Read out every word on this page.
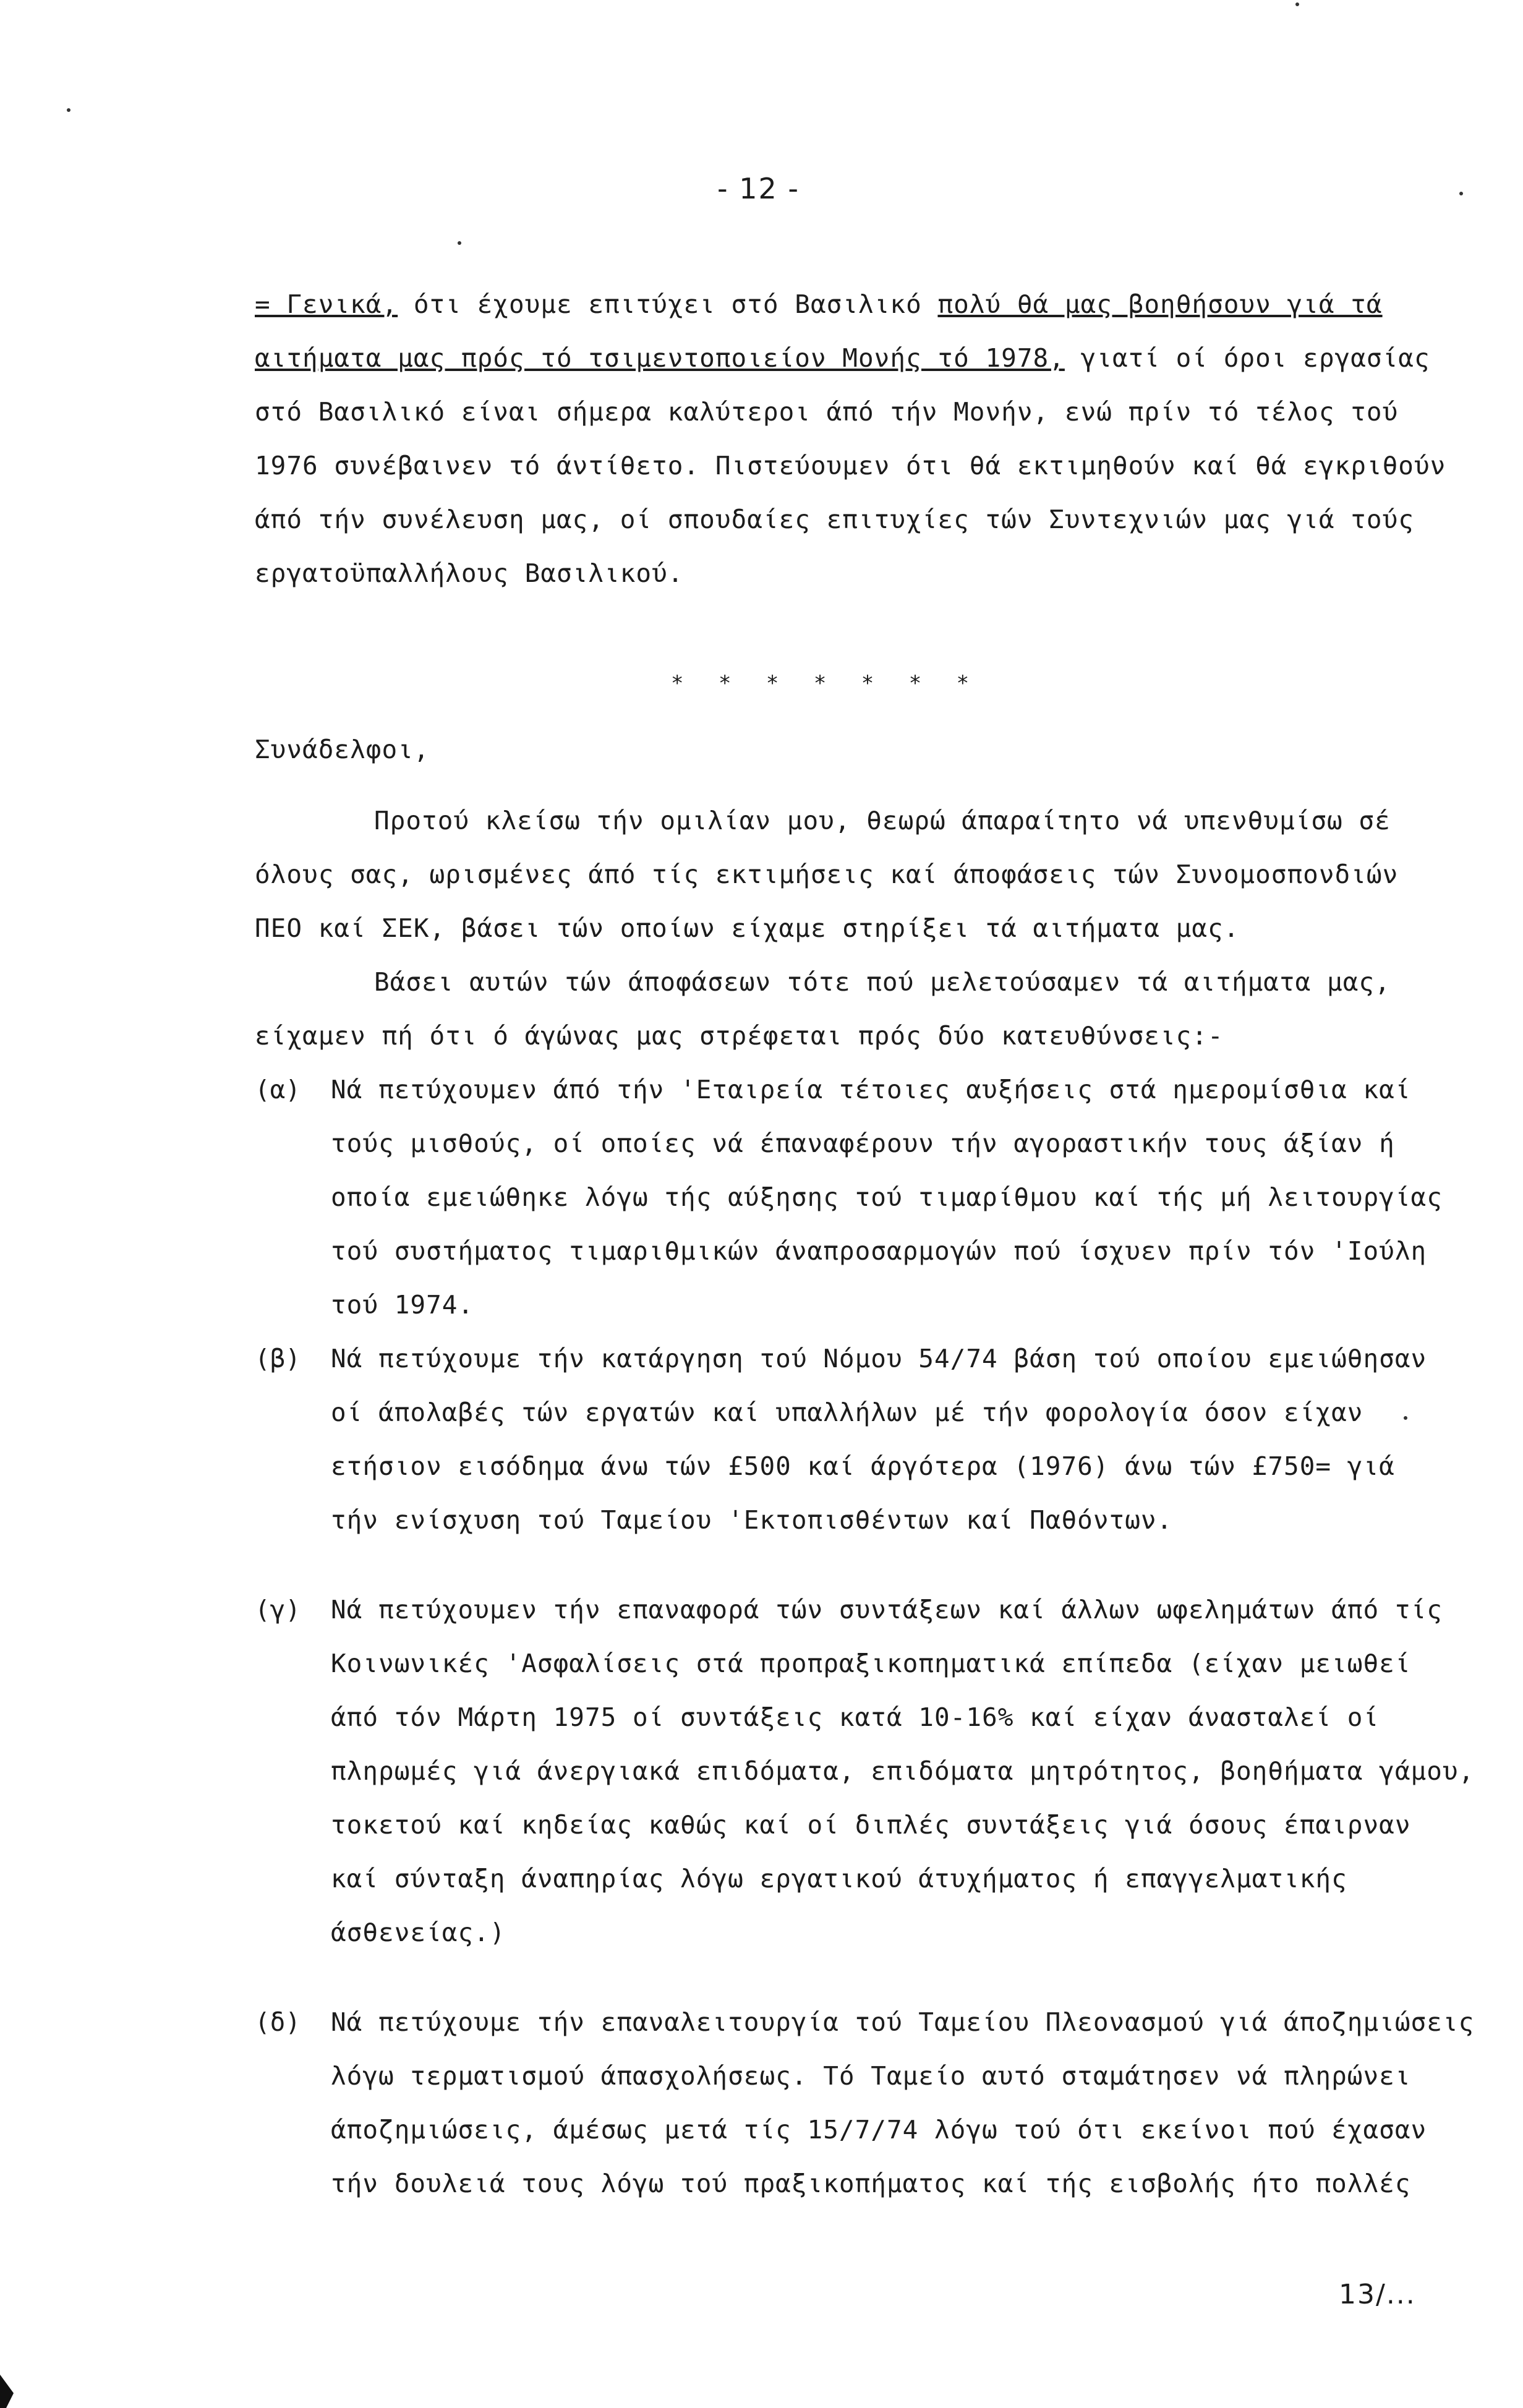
- 12 -
= Γενικά, ότι έχουμε επιτύχει στό Βασιλικό πολύ θά μας βοηθήσουν γιά τά
αιτήματα μας πρός τό τσιμεντοποιείον Μονής τό 1978, γιατί οί όροι εργασίας
στό Βασιλικό είναι σήμερα καλύτεροι άπό τήν Μονήν, ενώ πρίν τό τέλος τού
1976 συνέβαινεν τό άντίθετο. Πιστεύουμεν ότι θά εκτιμηθούν καί θά εγκριθούν
άπό τήν συνέλευση μας, οί σπουδαίες επιτυχίες τών Συντεχνιών μας γιά τούς
εργατοϋπαλλήλους Βασιλικού.
* * * * * * *
Συνάδελφοι,
Προτού κλείσω τήν ομιλίαν μου, θεωρώ άπαραίτητο νά υπενθυμίσω σέ
όλους σας, ωρισμένες άπό τίς εκτιμήσεις καί άποφάσεις τών Συνομοσπονδιών
ΠΕΟ καί ΣΕΚ, βάσει τών οποίων είχαμε στηρίξει τά αιτήματα μας.
Βάσει αυτών τών άποφάσεων τότε πού μελετούσαμεν τά αιτήματα μας,
είχαμεν πή ότι ό άγώνας μας στρέφεται πρός δύο κατευθύνσεις:-
(α) Νά πετύχουμεν άπό τήν 'Εταιρεία τέτοιες αυξήσεις στά ημερομίσθια καί
τούς μισθούς, οί οποίες νά έπαναφέρουν τήν αγοραστικήν τους άξίαν ή
οποία εμειώθηκε λόγω τής αύξησης τού τιμαρίθμου καί τής μή λειτουργίας
τού συστήματος τιμαριθμικών άναπροσαρμογών πού ίσχυεν πρίν τόν 'Ιούλη
τού 1974.
(β) Νά πετύχουμε τήν κατάργηση τού Νόμου 54/74 βάση τού οποίου εμειώθησαν
οί άπολαβές τών εργατών καί υπαλλήλων μέ τήν φορολογία όσον είχαν
ετήσιον εισόδημα άνω τών £500 καί άργότερα (1976) άνω τών £750= γιά
τήν ενίσχυση τού Ταμείου 'Εκτοπισθέντων καί Παθόντων.
(γ) Νά πετύχουμεν τήν επαναφορά τών συντάξεων καί άλλων ωφελημάτων άπό τίς
Κοινωνικές 'Ασφαλίσεις στά προπραξικοπηματικά επίπεδα (είχαν μειωθεί
άπό τόν Μάρτη 1975 οί συντάξεις κατά 10-16% καί είχαν άνασταλεί οί
πληρωμές γιά άνεργιακά επιδόματα, επιδόματα μητρότητος, βοηθήματα γάμου,
τοκετού καί κηδείας καθώς καί οί διπλές συντάξεις γιά όσους έπαιρναν
καί σύνταξη άναπηρίας λόγω εργατικού άτυχήματος ή επαγγελματικής
άσθενείας.)
(δ) Νά πετύχουμε τήν επαναλειτουργία τού Ταμείου Πλεονασμού γιά άποζημιώσεις
λόγω τερματισμού άπασχολήσεως. Τό Ταμείο αυτό σταμάτησεν νά πληρώνει
άποζημιώσεις, άμέσως μετά τίς 15/7/74 λόγω τού ότι εκείνοι πού έχασαν
τήν δουλειά τους λόγω τού πραξικοπήματος καί τής εισβολής ήτο πολλές
13/...
